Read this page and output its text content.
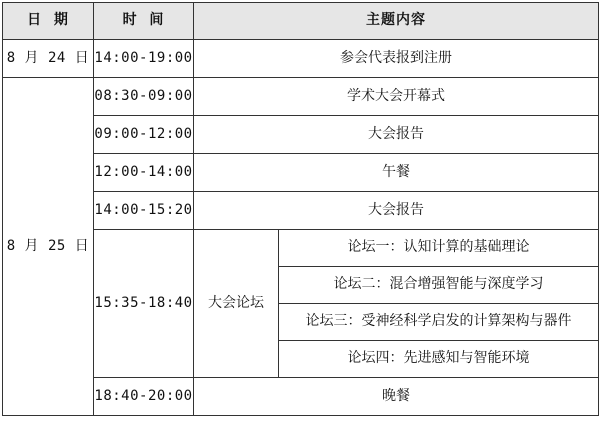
日  期	时  间	主题内容	
8 月 24 日	14:00-19:00	参会代表报到注册	
8 月 25 日	08:30-09:00	学术大会开幕式	
	09:00-12:00	大会报告	
	12:00-14:00	午餐	
	14:00-15:20	大会报告	
	15:35-18:40	大会论坛	论坛一：认知计算的基础理论
			论坛二：混合增强智能与深度学习
			论坛三：受神经科学启发的计算架构与器件
			论坛四：先进感知与智能环境
	18:40-20:00	晚餐	
